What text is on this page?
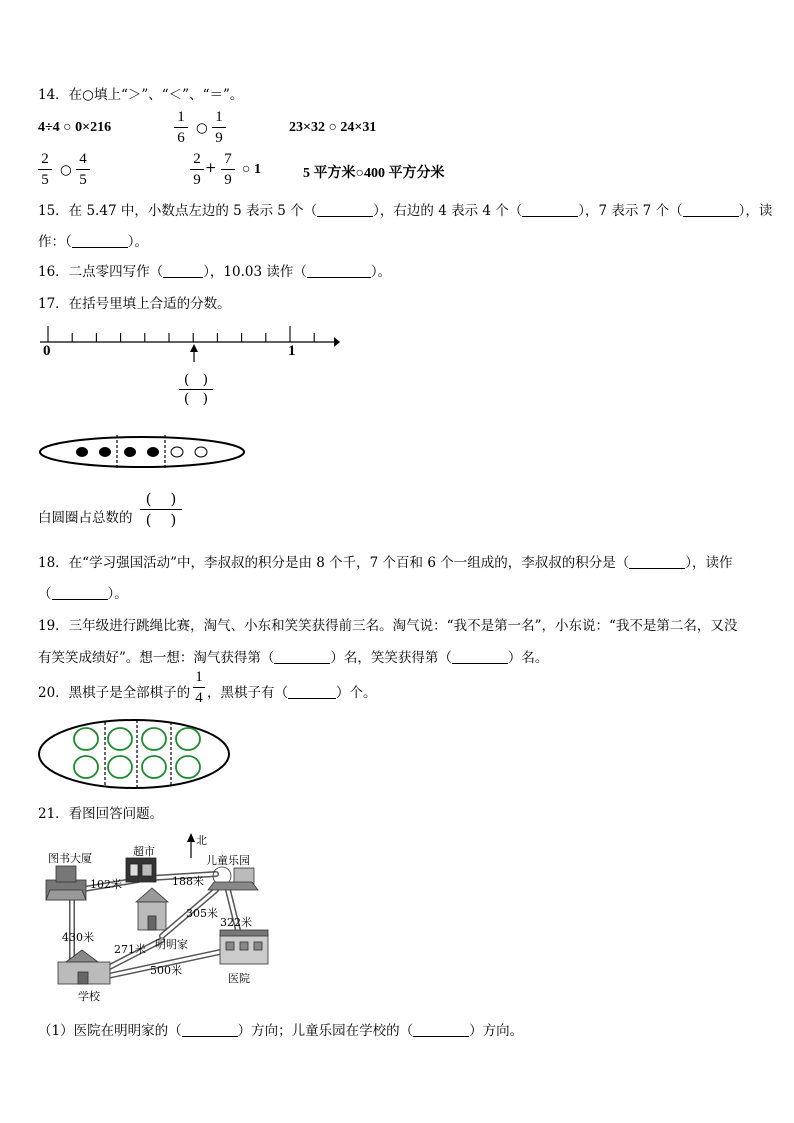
14．在○填上“＞”、“＜”、“＝”。
4÷4 ○ 0×216
1
6
○
1
9
23×32 ○ 24×31
2
5
○
4
5
2
9
+
7
9
○ 1	5 平方米○400 平方分米
15．在 5.47 中，小数点左边的 5 表示 5 个（	），右边的 4 表示 4 个（	），7 表示 7 个（	），读
作：（	）。
16．二点零四写作（	），10.03 读作（	）。
17．在括号里填上合适的分数。
0	1
( )
( )
白圆圈占总数的
( )
( )
18．在“学习强国活动”中，李叔叔的积分是由 8 个千，7 个百和 6 个一组成的，李叔叔的积分是（	），读作
（	）。
19．三年级进行跳绳比赛，淘气、小东和笑笑获得前三名。淘气说：“我不是第一名”，小东说：“我不是第二名，又没
有笑笑成绩好”。想一想：淘气获得第（	）名，笑笑获得第（	）名。
20．黑棋子是全部棋子的
1
4 ，黑棋子有（	）个。
21．看图回答问题。
图书大厦
超市
北
儿童乐园
明明家
医院
学校
102米	188米
305米
322米
430米
271米
500米
（1）医院在明明家的（	）方向；儿童乐园在学校的（	）方向。
